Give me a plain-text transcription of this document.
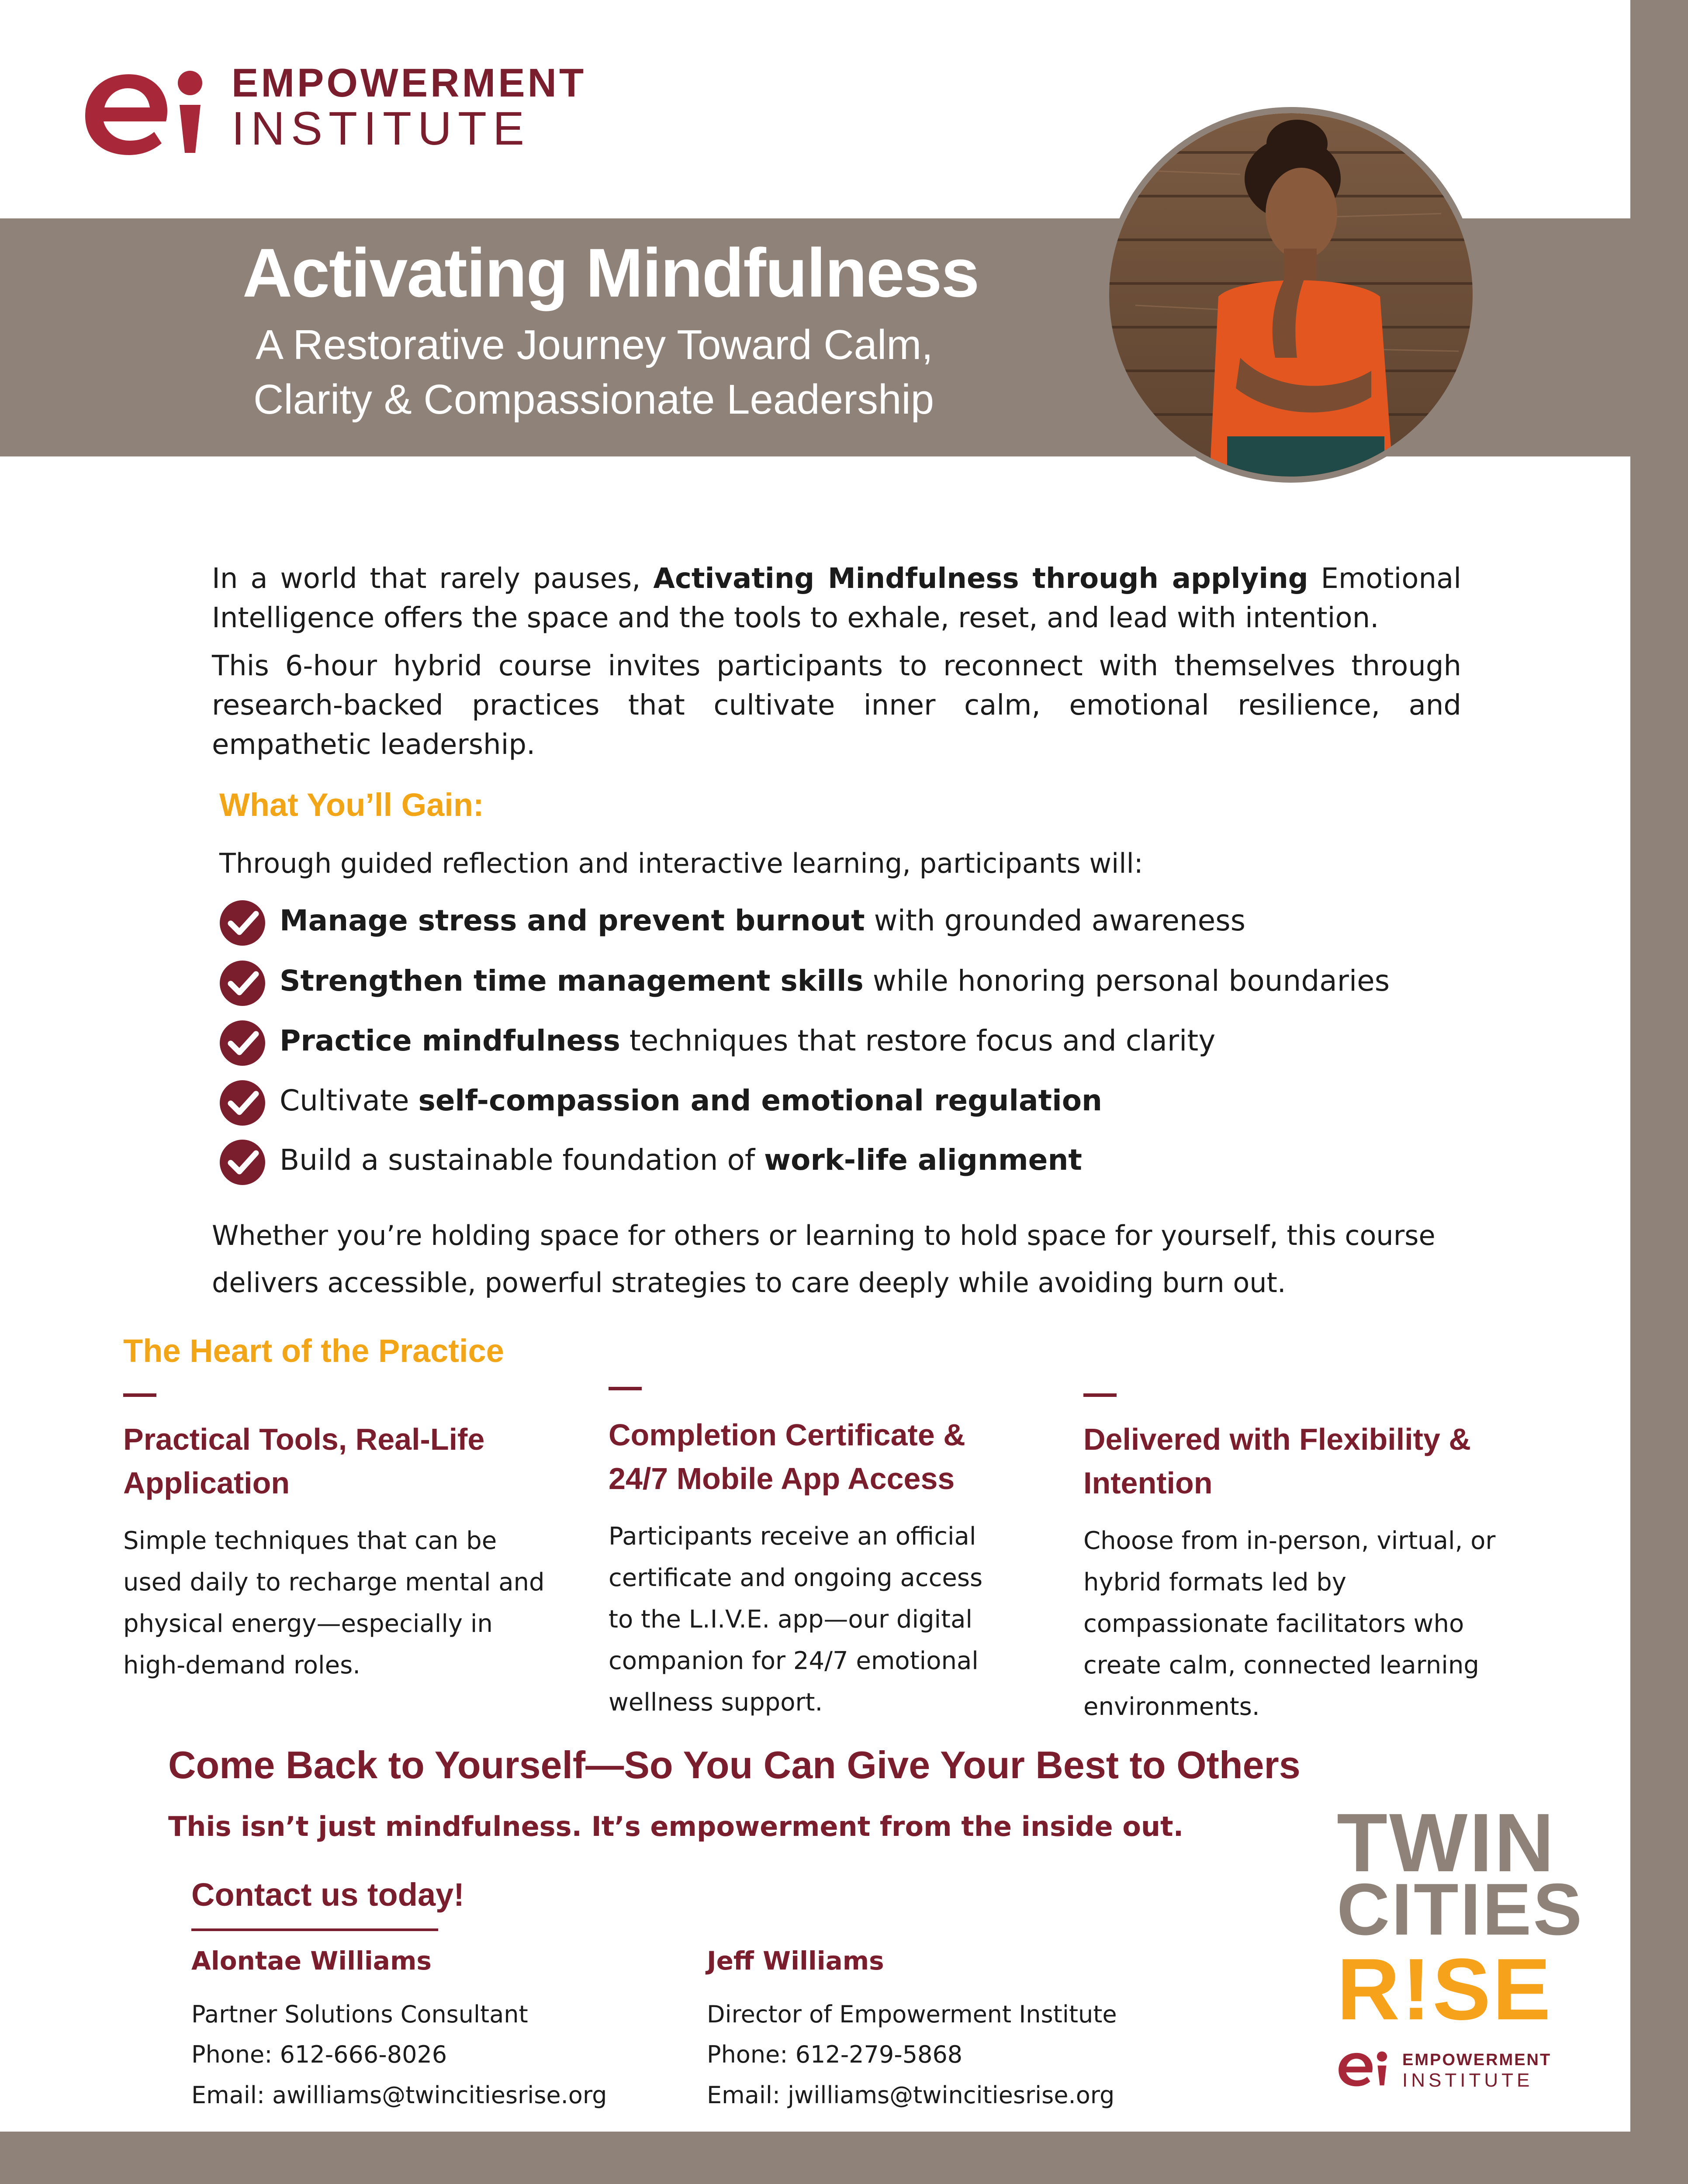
EMPOWERMENT
INSTITUTE
Activating Mindfulness
A Restorative Journey Toward Calm,
Clarity & Compassionate Leadership
In a world that rarely pauses, Activating Mindfulness through applying Emotional Intelligence offers the space and the tools to exhale, reset, and lead with intention.
This 6-hour hybrid course invites participants to reconnect with themselves through research-backed practices that cultivate inner calm, emotional resilience, and empathetic leadership.
What You’ll Gain:
Through guided reflection and interactive learning, participants will:
Manage stress and prevent burnout with grounded awareness
Strengthen time management skills while honoring personal boundaries
Practice mindfulness techniques that restore focus and clarity
Cultivate self-compassion and emotional regulation
Build a sustainable foundation of work-life alignment
Whether you’re holding space for others or learning to hold space for yourself, this course delivers accessible, powerful strategies to care deeply while avoiding burn out.
The Heart of the Practice
Practical Tools, Real-Life Application
Simple techniques that can be used daily to recharge mental and physical energy—especially in high-demand roles.
Completion Certificate & 24/7 Mobile App Access
Participants receive an official certificate and ongoing access to the L.I.V.E. app—our digital companion for 24/7 emotional wellness support.
Delivered with Flexibility & Intention
Choose from in-person, virtual, or hybrid formats led by compassionate facilitators who create calm, connected learning environments.
Come Back to Yourself—So You Can Give Your Best to Others
This isn’t just mindfulness. It’s empowerment from the inside out.
Contact us today!
Alontae Williams
Partner Solutions Consultant
Phone: 612-666-8026
Email: awilliams@twincitiesrise.org
Jeff Williams
Director of Empowerment Institute
Phone: 612-279-5868
Email: jwilliams@twincitiesrise.org
TWIN
CITIES
R!SE
EMPOWERMENT
INSTITUTE
